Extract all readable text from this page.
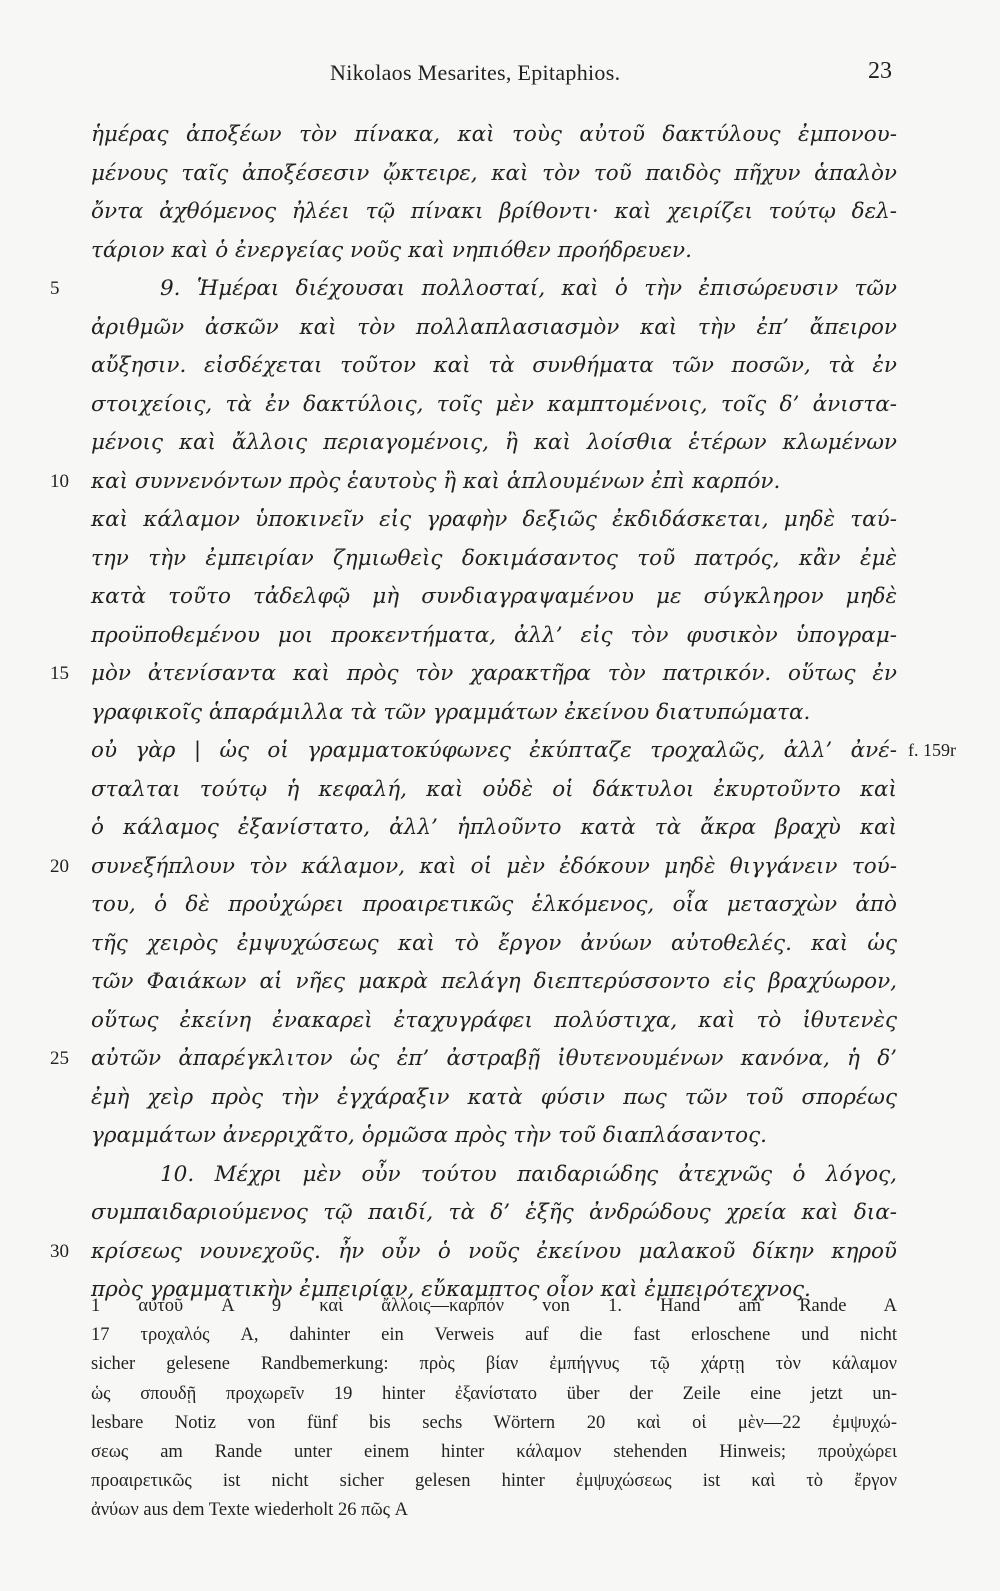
Nikolaos Mesarites, Epitaphios.	23
ἡμέρας ἀποξέων τὸν πίνακα, καὶ τοὺς αὐτοῦ δακτύλους ἐμπονου-
μένους ταῖς ἀποξέσεσιν ᾤκτειρε, καὶ τὸν τοῦ παιδὸς πῆχυν ἁπαλὸν
ὄντα ἀχθόμενος ἠλέει τῷ πίνακι βρίθοντι· καὶ χειρίζει τούτῳ δελ-
τάριον καὶ ὁ ἐνεργείας νοῦς καὶ νηπιόθεν προήδρευεν.
5	9. Ἡμέραι διέχουσαι πολλοσταί, καὶ ὁ τὴν ἐπισώρευσιν τῶν
ἀριθμῶν ἀσκῶν καὶ τὸν πολλαπλασιασμὸν καὶ τὴν ἐπ’ ἄπειρον
αὔξησιν. εἰσδέχεται τοῦτον καὶ τὰ συνθήματα τῶν ποσῶν, τὰ ἐν
στοιχείοις, τὰ ἐν δακτύλοις, τοῖς μὲν καμπτομένοις, τοῖς δ’ ἀνιστα-
μένοις καὶ ἄλλοις περιαγομένοις, ἢ καὶ λοίσθια ἑτέρων κλωμένων
10	καὶ συννενόντων πρὸς ἑαυτοὺς ἢ καὶ ἁπλουμένων ἐπὶ καρπόν.
καὶ κάλαμον ὑποκινεῖν εἰς γραφὴν δεξιῶς ἐκδιδάσκεται, μηδὲ ταύ-
την τὴν ἐμπειρίαν ζημιωθεὶς δοκιμάσαντος τοῦ πατρός, κἂν ἐμὲ
κατὰ τοῦτο τἀδελφῷ μὴ συνδιαγραψαμένου με σύγκληρον μηδὲ
προϋποθεμένου μοι προκεντήματα, ἀλλ’ εἰς τὸν φυσικὸν ὑπογραμ-
15	μὸν ἀτενίσαντα καὶ πρὸς τὸν χαρακτῆρα τὸν πατρικόν. οὕτως ἐν
γραφικοῖς ἁπαράμιλλα τὰ τῶν γραμμάτων ἐκείνου διατυπώματα.
οὐ γὰρ | ὡς οἱ γραμματοκύφωνες ἐκύπταζε τροχαλῶς, ἀλλ’ ἀνέ- f. 159r
σταλται τούτῳ ἡ κεφαλή, καὶ οὐδὲ οἱ δάκτυλοι ἐκυρτοῦντο καὶ
ὁ κάλαμος ἐξανίστατο, ἀλλ’ ἡπλοῦντο κατὰ τὰ ἄκρα βραχὺ καὶ
20	συνεξήπλουν τὸν κάλαμον, καὶ οἱ μὲν ἐδόκουν μηδὲ θιγγάνειν τού-
του, ὁ δὲ προὐχώρει προαιρετικῶς ἑλκόμενος, οἷα μετασχὼν ἀπὸ
τῆς χειρὸς ἐμψυχώσεως καὶ τὸ ἔργον ἀνύων αὐτοθελές. καὶ ὡς
τῶν Φαιάκων αἱ νῆες μακρὰ πελάγη διεπτερύσσοντο εἰς βραχύωρον,
οὕτως ἐκείνη ἐνακαρεὶ ἐταχυγράφει πολύστιχα, καὶ τὸ ἰθυτενὲς
25	αὐτῶν ἀπαρέγκλιτον ὡς ἐπ’ ἀστραβῇ ἰθυτενουμένων κανόνα, ἡ δ’
ἐμὴ χεὶρ πρὸς τὴν ἐγχάραξιν κατὰ φύσιν πως τῶν τοῦ σπορέως
γραμμάτων ἀνερριχᾶτο, ὁρμῶσα πρὸς τὴν τοῦ διαπλάσαντος.
10. Μέχρι μὲν οὖν τούτου παιδαριώδης ἀτεχνῶς ὁ λόγος,
συμπαιδαριούμενος τῷ παιδί, τὰ δ’ ἑξῆς ἀνδρώδους χρεία καὶ δια-
30	κρίσεως νουνεχοῦς. ἦν οὖν ὁ νοῦς ἐκείνου μαλακοῦ δίκην κηροῦ
πρὸς γραμματικὴν ἐμπειρίαν, εὔκαμπτος οἷον καὶ ἐμπειρότεχνος.
1 αὐτοῦ A 9 καὶ ἄλλοις—καρπόν von 1. Hand am Rande A
17 τροχαλός A, dahinter ein Verweis auf die fast erloschene und nicht
sicher gelesene Randbemerkung: πρὸς βίαν ἐμπήγνυς τῷ χάρτῃ τὸν κάλαμον
ὡς σπουδῇ προχωρεῖν 19 hinter ἐξανίστατο über der Zeile eine jetzt un-
lesbare Notiz von fünf bis sechs Wörtern 20 καὶ οἱ μὲν—22 ἐμψυχώ-
σεως am Rande unter einem hinter κάλαμον stehenden Hinweis; προὐχώρει
προαιρετικῶς ist nicht sicher gelesen hinter ἐμψυχώσεως ist καὶ τὸ ἔργον
ἀνύων aus dem Texte wiederholt 26 πῶς A
